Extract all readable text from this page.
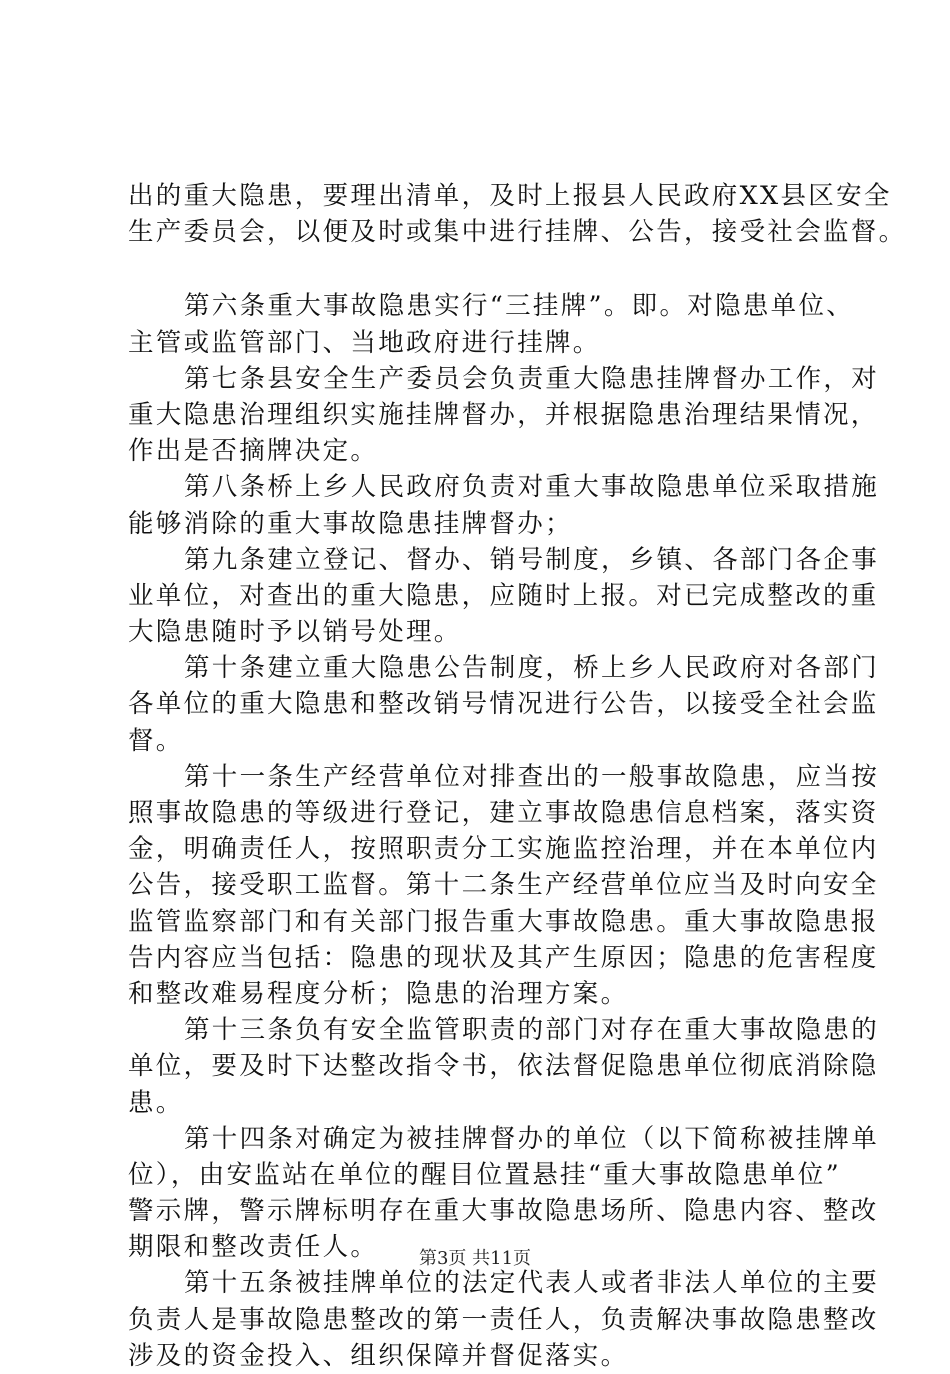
出的重大隐患，要理出清单，及时上报县人民政府XX县区安全
生产委员会，以便及时或集中进行挂牌、公告，接受社会监督。
第六条重大事故隐患实行“三挂牌”。即。对隐患单位、
主管或监管部门、当地政府进行挂牌。
第七条县安全生产委员会负责重大隐患挂牌督办工作，对
重大隐患治理组织实施挂牌督办，并根据隐患治理结果情况，
作出是否摘牌决定。
第八条桥上乡人民政府负责对重大事故隐患单位采取措施
能够消除的重大事故隐患挂牌督办；
第九条建立登记、督办、销号制度，乡镇、各部门各企事
业单位，对查出的重大隐患，应随时上报。对已完成整改的重
大隐患随时予以销号处理。
第十条建立重大隐患公告制度，桥上乡人民政府对各部门
各单位的重大隐患和整改销号情况进行公告，以接受全社会监
督。
第十一条生产经营单位对排查出的一般事故隐患，应当按
照事故隐患的等级进行登记，建立事故隐患信息档案，落实资
金，明确责任人，按照职责分工实施监控治理，并在本单位内
公告，接受职工监督。第十二条生产经营单位应当及时向安全
监管监察部门和有关部门报告重大事故隐患。重大事故隐患报
告内容应当包括：隐患的现状及其产生原因；隐患的危害程度
和整改难易程度分析；隐患的治理方案。
第十三条负有安全监管职责的部门对存在重大事故隐患的
单位，要及时下达整改指令书，依法督促隐患单位彻底消除隐
患。
第十四条对确定为被挂牌督办的单位（以下简称被挂牌单
位），由安监站在单位的醒目位置悬挂“重大事故隐患单位”
警示牌，警示牌标明存在重大事故隐患场所、隐患内容、整改
期限和整改责任人。
第十五条被挂牌单位的法定代表人或者非法人单位的主要
负责人是事故隐患整改的第一责任人，负责解决事故隐患整改
涉及的资金投入、组织保障并督促落实。
第3页 共11页
